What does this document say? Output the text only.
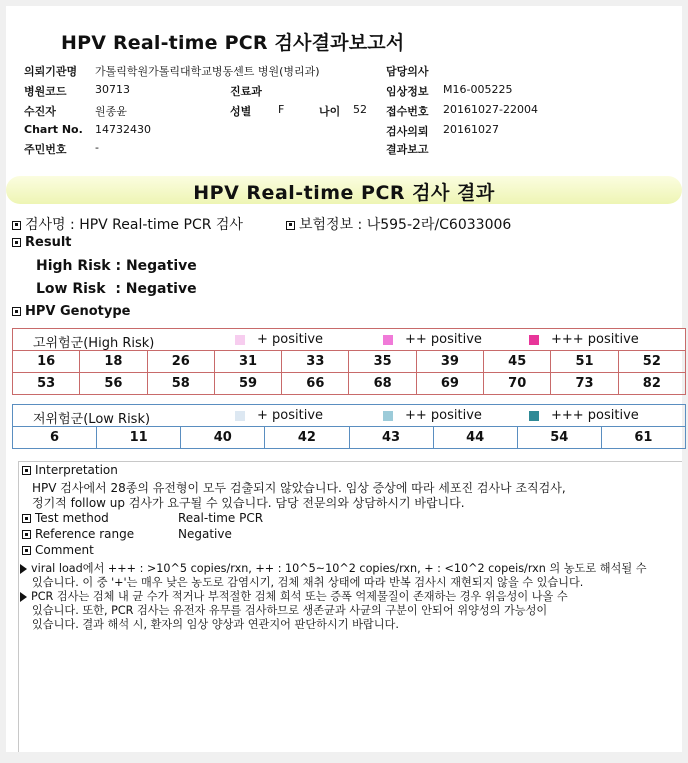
HPV Real-time PCR 검사결과보고서
의뢰기관명 가톨릭학원가톨릭대학교병동센트 병원(병리과)	담당의사
병원코드	30713	진료과	임상정보 M16-005225
수진자	원종윤	성별 F	나이 52 접수번호 20161027-22004
Chart No. 14732430	검사의뢰 20161027
주민번호	-	결과보고
HPV Real-time PCR 검사 결과
검사명 : HPV Real-time PCR 검사	보험정보 : 나595-2라/C6033006
Result
High Risk : Negative
Low Risk  : Negative
HPV Genotype
고위험군(High Risk) + positive ++ positive +++ positive									

16	18	26	31	33	35	39	45	51	52
53	56	58	59	66	68	69	70	73	82
저위험군(Low Risk)	+ positive	++ positive	+++ positive

6	11	40	42	43	44	54	61
Interpretation
HPV 검사에서 28종의 유전형이 모두 검출되지 않았습니다. 임상 증상에 따라 세포진 검사나 조직검사,
정기적 follow up 검사가 요구될 수 있습니다. 담당 전문의와 상담하시기 바랍니다.
Test method	Real-time PCR
Reference range	Negative
Comment
viral load에서 +++ : >10^5 copies/rxn, ++ : 10^5~10^2 copies/rxn, + : <10^2 copeis/rxn 의 농도로 해석될 수
있습니다. 이 중 '+'는 매우 낮은 농도로 감염시기, 검체 채취 상태에 따라 반복 검사시 재현되지 않을 수 있습니다.
PCR 검사는 검체 내 균 수가 적거나 부적절한 검체 희석 또는 증폭 억제물질이 존재하는 경우 위음성이 나올 수
있습니다. 또한, PCR 검사는 유전자 유무를 검사하므로 생존균과 사균의 구분이 안되어 위양성의 가능성이
있습니다. 결과 해석 시, 환자의 임상 양상과 연관지어 판단하시기 바랍니다.
